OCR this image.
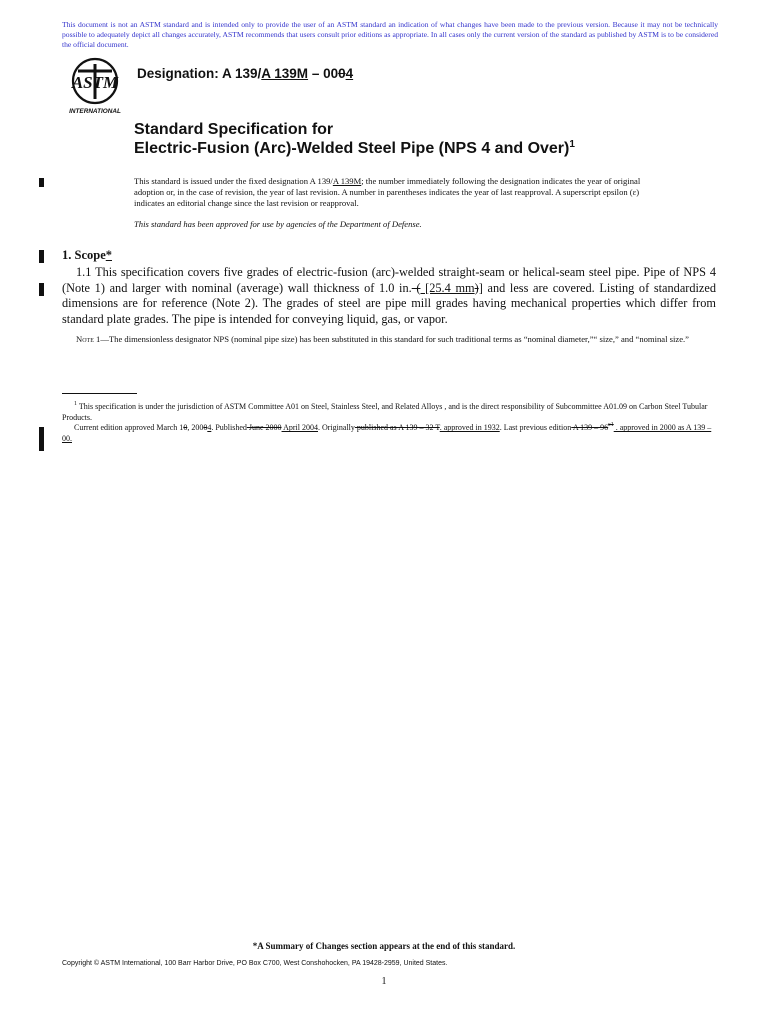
This document is not an ASTM standard and is intended only to provide the user of an ASTM standard an indication of what changes have been made to the previous version. Because it may not be technically possible to adequately depict all changes accurately, ASTM recommends that users consult prior editions as appropriate. In all cases only the current version of the standard as published by ASTM is to be considered the official document.
ASTM
INTERNATIONAL
Designation: A 139/A 139M – 0004
Standard Specification for
Electric-Fusion (Arc)-Welded Steel Pipe (NPS 4 and Over)$^1$
This standard is issued under the fixed designation A 139/A 139M; the number immediately following the designation indicates the year of original adoption or, in the case of revision, the year of last revision. A number in parentheses indicates the year of last reapproval. A superscript epsilon (ε) indicates an editorial change since the last revision or reapproval.
This standard has been approved for use by agencies of the Department of Defense.
1. Scope*
1.1 This specification covers five grades of electric-fusion (arc)-welded straight-seam or helical-seam steel pipe. Pipe of NPS 4 (Note 1) and larger with nominal (average) wall thickness of 1.0 in. ( [25.4 mm)] and less are covered. Listing of standardized dimensions are for reference (Note 2). The grades of steel are pipe mill grades having mechanical properties which differ from standard plate grades. The pipe is intended for conveying liquid, gas, or vapor.
Note 1—The dimensionless designator NPS (nominal pipe size) has been substituted in this standard for such traditional terms as “nominal diameter,”“ size,” and “nominal size.”

$^1$ This specification is under the jurisdiction of ASTM Committee A01 on Steel, Stainless Steel, and Related Alloys , and is the direct responsibility of Subcommittee A01.09 on Carbon Steel Tubular Products.

Current edition approved March 10, 20004. Published June 2000 April 2004. Originally published as A 139 – 32 T. approved in 1932. Last previous edition A $139 - 96^{\varepsilon 1}$ . approved in 2000 as A 139 – 00.

*A Summary of Changes section appears at the end of this standard.
Copyright © ASTM International, 100 Barr Harbor Drive, PO Box C700, West Conshohocken, PA 19428-2959, United States.
1
